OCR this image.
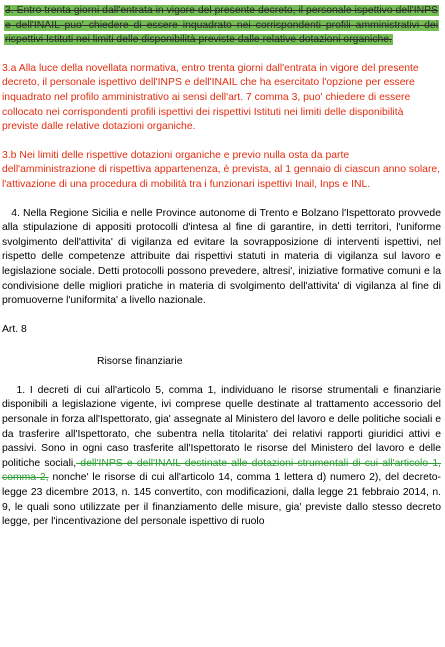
3. Entro trenta giorni dall'entrata in vigore del presente decreto, il personale ispettivo dell'INPS e dell'INAIL puo' chiedere di essere inquadrato nei corrispondenti profili amministrativi dei rispettivi Istituti nei limiti delle disponibilità previste dalle relative dotazioni organiche.

3.a Alla luce della novellata normativa, entro trenta giorni dall'entrata in vigore del presente decreto, il personale ispettivo dell'INPS e dell'INAIL che ha esercitato l'opzione per essere inquadrato nel profilo amministrativo ai sensi dell'art. 7 comma 3, puo' chiedere di essere collocato nei corrispondenti profili ispettivi dei rispettivi Istituti nei limiti delle disponibilità previste dalle relative dotazioni organiche.

3.b Nei limiti delle rispettive dotazioni organiche e previo nulla osta da parte dell'amministrazione di rispettiva appartenenza, è prevista, al 1 gennaio di ciascun anno solare, l'attivazione di una procedura di mobilità tra i funzionari ispettivi Inail, Inps e INL.

4. Nella Regione Sicilia e nelle Province autonome di Trento e Bolzano l'Ispettorato provvede alla stipulazione di appositi protocolli d'intesa al fine di garantire, in detti territori, l'uniforme svolgimento dell'attivita' di vigilanza ed evitare la sovrapposizione di interventi ispettivi, nel rispetto delle competenze attribuite dai rispettivi statuti in materia di vigilanza sul lavoro e legislazione sociale. Detti protocolli possono prevedere, altresi', iniziative formative comuni e la condivisione delle migliori pratiche in materia di svolgimento dell'attivita' di vigilanza al fine di promuoverne l'uniformita' a livello nazionale.

Art. 8

Risorse finanziarie

1. I decreti di cui all'articolo 5, comma 1, individuano le risorse strumentali e finanziarie disponibili a legislazione vigente, ivi comprese quelle destinate al trattamento accessorio del personale in forza all'Ispettorato, gia' assegnate al Ministero del lavoro e delle politiche sociali e da trasferire all'Ispettorato, che subentra nella titolarita' dei relativi rapporti giuridici attivi e passivi. Sono in ogni caso trasferite all'Ispettorato le risorse del Ministero del lavoro e delle politiche sociali, dell'INPS e dell'INAIL destinate alle dotazioni strumentali di cui all'articolo 1, comma 2, nonche' le risorse di cui all'articolo 14, comma 1 lettera d) numero 2), del decreto-legge 23 dicembre 2013, n. 145 convertito, con modificazioni, dalla legge 21 febbraio 2014, n. 9, le quali sono utilizzate per il finanziamento delle misure, gia' previste dallo stesso decreto legge, per l'incentivazione del personale ispettivo di ruolo
